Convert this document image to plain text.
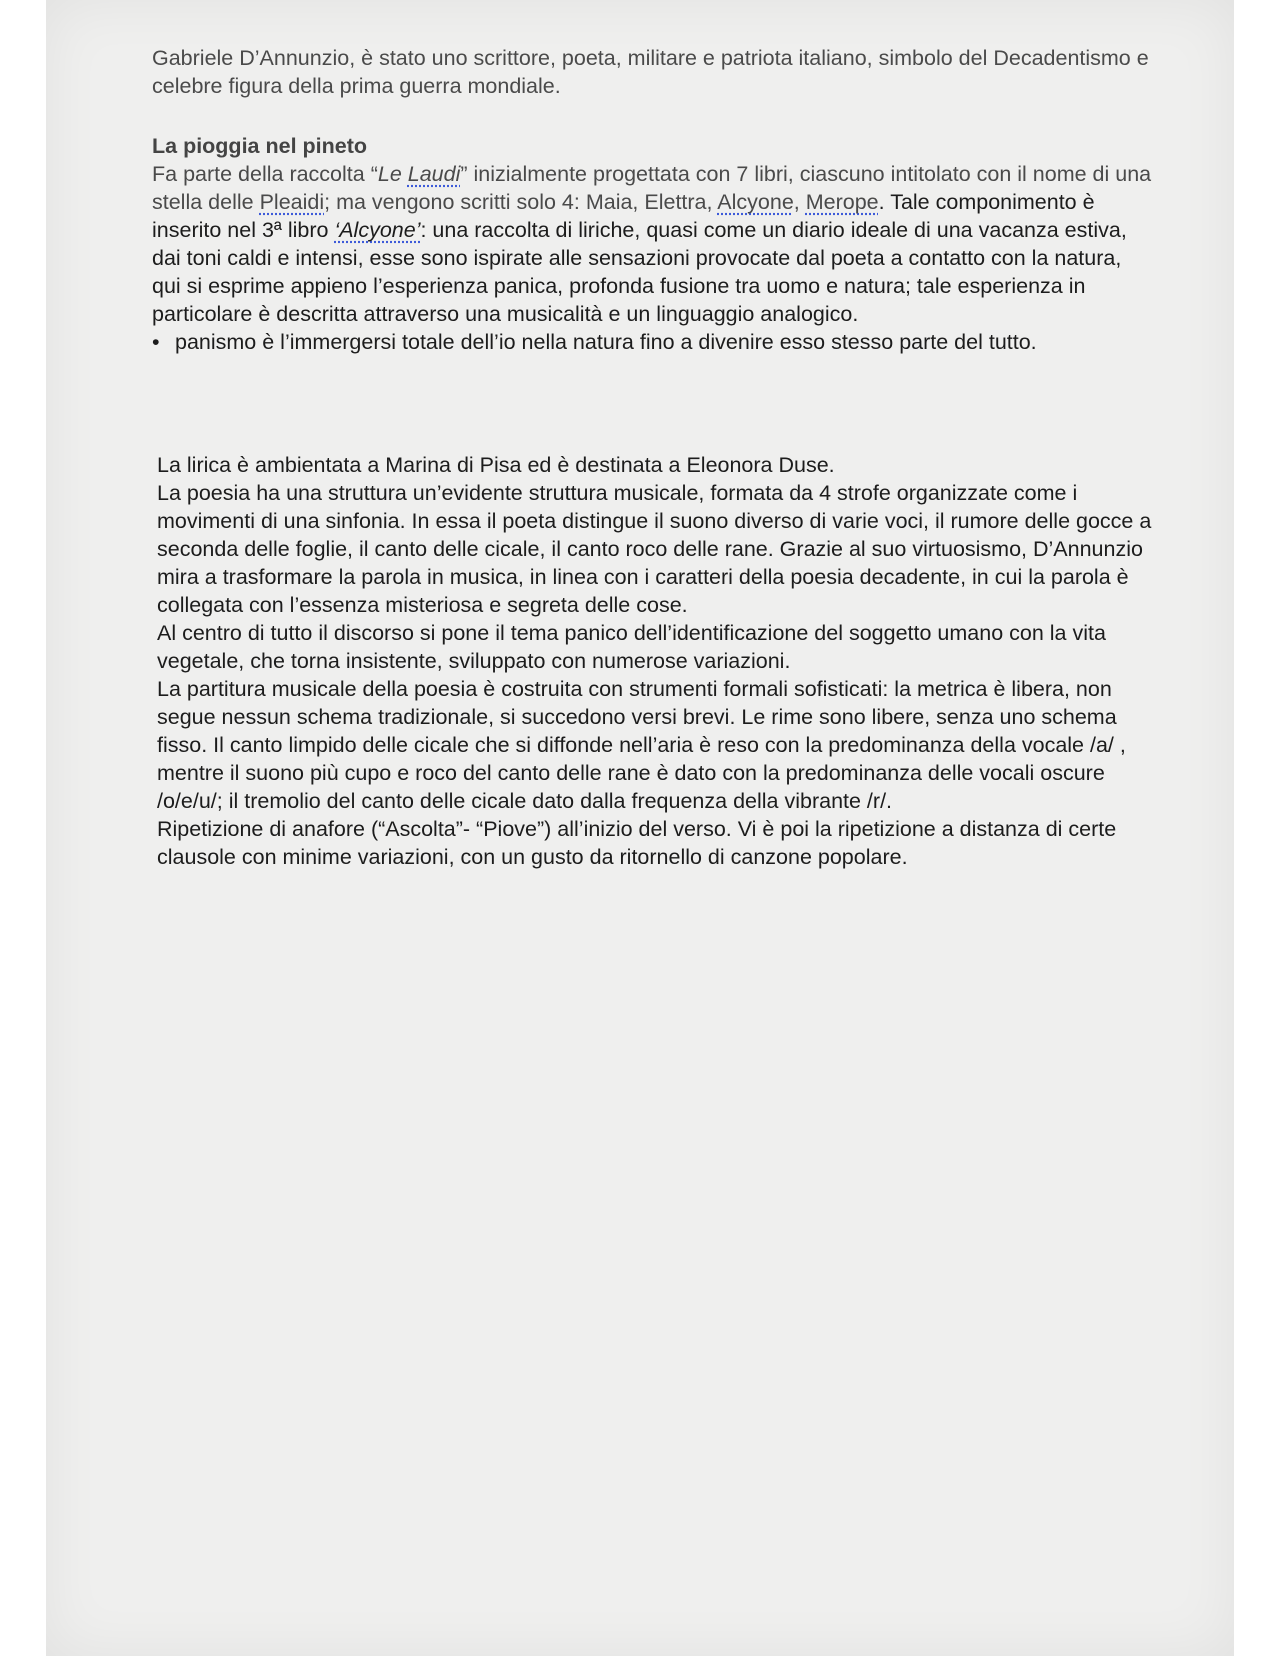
Gabriele D’Annunzio, è stato uno scrittore, poeta, militare e patriota italiano, simbolo del Decadentismo e celebre figura della prima guerra mondiale.

La pioggia nel pineto

Fa parte della raccolta “Le Laudi” inizialmente progettata con 7 libri, ciascuno intitolato con il nome di una stella delle Pleaidi; ma vengono scritti solo 4: Maia, Elettra, Alcyone, Merope. Tale componimento è inserito nel 3ª libro ‘Alcyone’: una raccolta di liriche, quasi come un diario ideale di una vacanza estiva, dai toni caldi e intensi, esse sono ispirate alle sensazioni provocate dal poeta a contatto con la natura, qui si esprime appieno l’esperienza panica, profonda fusione tra uomo e natura; tale esperienza in particolare è descritta attraverso una musicalità e un linguaggio analogico.

• panismo è l’immergersi totale dell’io nella natura fino a divenire esso stesso parte del tutto.

La lirica è ambientata a Marina di Pisa ed è destinata a Eleonora Duse.

La poesia ha una struttura un’evidente struttura musicale, formata da 4 strofe organizzate come i movimenti di una sinfonia. In essa il poeta distingue il suono diverso di varie voci, il rumore delle gocce a seconda delle foglie, il canto delle cicale, il canto roco delle rane. Grazie al suo virtuosismo, D’Annunzio mira a trasformare la parola in musica, in linea con i caratteri della poesia decadente, in cui la parola è collegata con l’essenza misteriosa e segreta delle cose.

Al centro di tutto il discorso si pone il tema panico dell’identificazione del soggetto umano con la vita vegetale, che torna insistente, sviluppato con numerose variazioni.

La partitura musicale della poesia è costruita con strumenti formali sofisticati: la metrica è libera, non segue nessun schema tradizionale, si succedono versi brevi. Le rime sono libere, senza uno schema fisso. Il canto limpido delle cicale che si diffonde nell’aria è reso con la predominanza della vocale /a/ , mentre il suono più cupo e roco del canto delle rane è dato con la predominanza delle vocali oscure /o/e/u/; il tremolio del canto delle cicale dato dalla frequenza della vibrante /r/.

Ripetizione di anafore (“Ascolta”- “Piove”) all’inizio del verso. Vi è poi la ripetizione a distanza di certe clausole con minime variazioni, con un gusto da ritornello di canzone popolare.
